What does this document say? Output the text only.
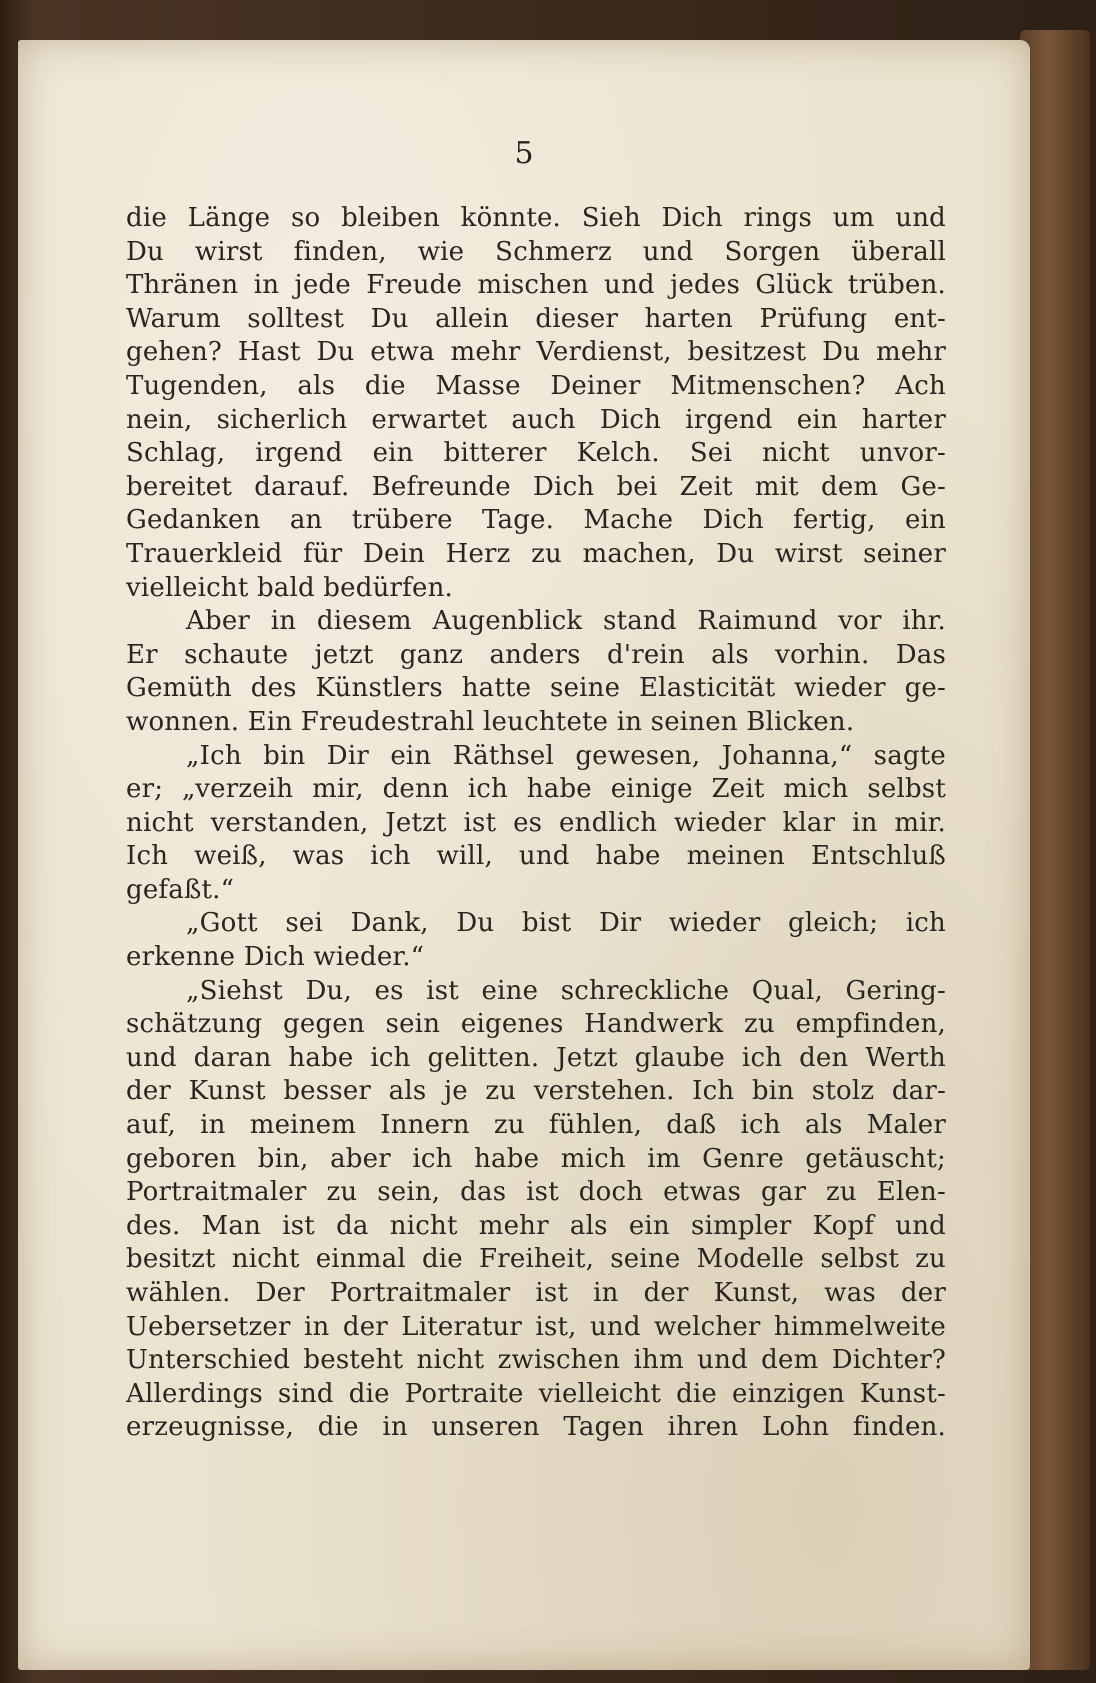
5
die Länge so bleiben könnte. Sieh Dich rings um und
Du wirst finden, wie Schmerz und Sorgen überall
Thränen in jede Freude mischen und jedes Glück trüben.
Warum solltest Du allein dieser harten Prüfung ent-
gehen? Hast Du etwa mehr Verdienst, besitzest Du mehr
Tugenden, als die Masse Deiner Mitmenschen? Ach
nein, sicherlich erwartet auch Dich irgend ein harter
Schlag, irgend ein bitterer Kelch. Sei nicht unvor-
bereitet darauf. Befreunde Dich bei Zeit mit dem Ge-
Gedanken an trübere Tage. Mache Dich fertig, ein
Trauerkleid für Dein Herz zu machen, Du wirst seiner
vielleicht bald bedürfen.
Aber in diesem Augenblick stand Raimund vor ihr.
Er schaute jetzt ganz anders d'rein als vorhin. Das
Gemüth des Künstlers hatte seine Elasticität wieder ge-
wonnen. Ein Freudestrahl leuchtete in seinen Blicken.
„Ich bin Dir ein Räthsel gewesen, Johanna,“ sagte
er; „verzeih mir, denn ich habe einige Zeit mich selbst
nicht verstanden, Jetzt ist es endlich wieder klar in mir.
Ich weiß, was ich will, und habe meinen Entschluß
gefaßt.“
„Gott sei Dank, Du bist Dir wieder gleich; ich
erkenne Dich wieder.“
„Siehst Du, es ist eine schreckliche Qual, Gering-
schätzung gegen sein eigenes Handwerk zu empfinden,
und daran habe ich gelitten. Jetzt glaube ich den Werth
der Kunst besser als je zu verstehen. Ich bin stolz dar-
auf, in meinem Innern zu fühlen, daß ich als Maler
geboren bin, aber ich habe mich im Genre getäuscht;
Portraitmaler zu sein, das ist doch etwas gar zu Elen-
des. Man ist da nicht mehr als ein simpler Kopf und
besitzt nicht einmal die Freiheit, seine Modelle selbst zu
wählen. Der Portraitmaler ist in der Kunst, was der
Uebersetzer in der Literatur ist, und welcher himmelweite
Unterschied besteht nicht zwischen ihm und dem Dichter?
Allerdings sind die Portraite vielleicht die einzigen Kunst-
erzeugnisse, die in unseren Tagen ihren Lohn finden.
